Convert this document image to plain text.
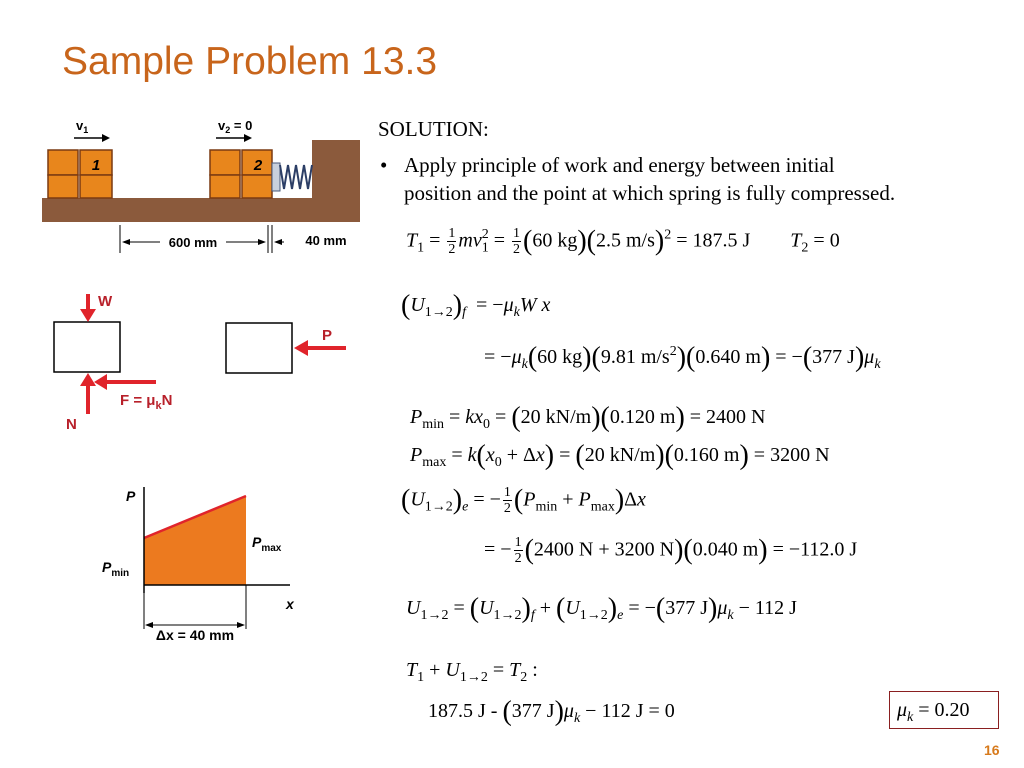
Sample Problem 13.3
1	2
$v_1$	$v_2 = 0$
600 mm	40 mm
W
N
$F = \mu_kN$
P
P
x
$P_{min}$
$P_{max}$
Δx = 40 mm
SOLUTION:
• Apply principle of work and energy between initial
position and the point at which spring is fully compressed.
$T_1 = \frac{1}{2} mv_1^2 = \frac{1}{2} (60$ kg)(2.5 m/s)$^2$ = 187.5 J        $T_2 = 0$
$(U_{1\to 2})_f = -\mu_kW$ x
= $-\mu_k(60$ kg)(9.81 $m/s^2)(0.640$ m) = −(377 $J)\mu_k$
$P_{min} = kx_0 = (20$ kN/m)(0.120 m) = 2400 N
$P_{max} = k(x_0 + \Delta x) = (20$ kN/m)(0.160 m) = 3200 N
$(U_{1\to 2})_e$ = − $\frac{1}{2} (P_{min} + P_{max})\Delta x$
= − $\frac{1}{2} (2400$ N + 3200 N)(0.040 m) = −112.0 J
$U_{1\to 2} = (U_{1\to 2})_f + (U_{1\to 2})_e = -(377$ $J)\mu_k - 112$ J
$T_1 + U_{1\to 2} = T_2$ :
187.5 J - (377 $J)\mu_k - 112$ J = 0	$\mu_k = 0.20$
16
